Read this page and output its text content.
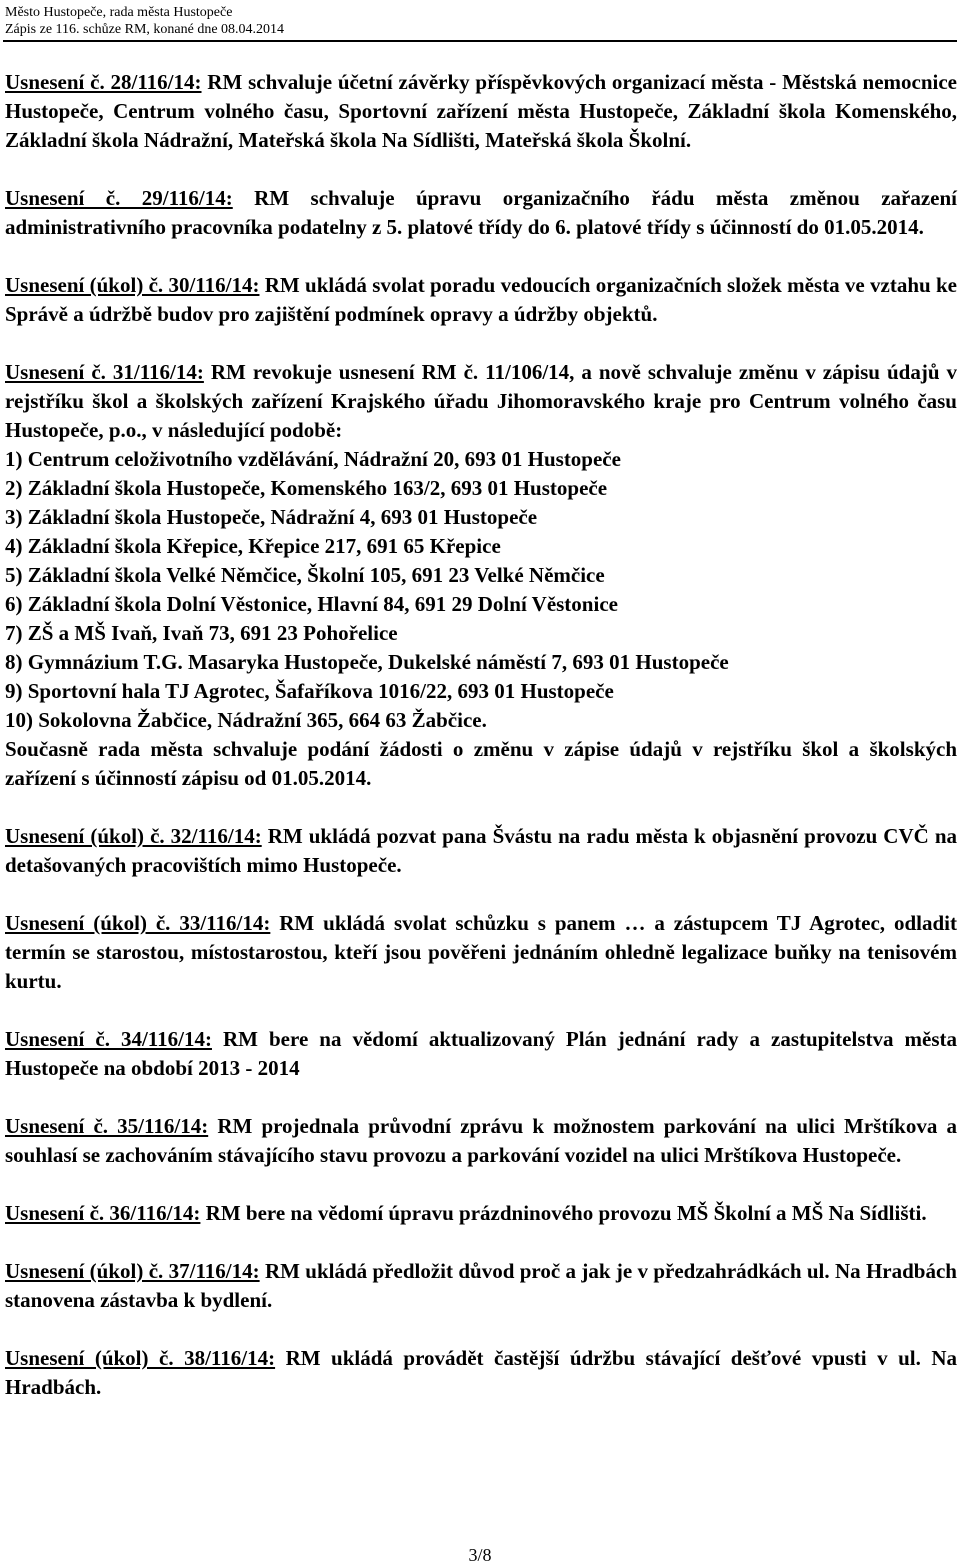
Město Hustopeče, rada města Hustopeče
Zápis ze 116. schůze RM, konané dne 08.04.2014

Usnesení č. 28/116/14: RM schvaluje účetní závěrky příspěvkových organizací města - Městská nemocnice Hustopeče, Centrum volného času, Sportovní zařízení města Hustopeče, Základní škola Komenského, Základní škola Nádražní, Mateřská škola Na Sídlišti, Mateřská škola Školní.

Usnesení č. 29/116/14: RM schvaluje úpravu organizačního řádu města změnou zařazení administrativního pracovníka podatelny z 5. platové třídy do 6. platové třídy s účinností do 01.05.2014.

Usnesení (úkol) č. 30/116/14: RM ukládá svolat poradu vedoucích organizačních složek města ve vztahu ke Správě a údržbě budov pro zajištění podmínek opravy a údržby objektů.

Usnesení č. 31/116/14: RM revokuje usnesení RM č. 11/106/14, a nově schvaluje změnu v zápisu údajů v rejstříku škol a školských zařízení Krajského úřadu Jihomoravského kraje pro Centrum volného času Hustopeče, p.o., v následující podobě:
1) Centrum celoživotního vzdělávání, Nádražní 20, 693 01 Hustopeče
2) Základní škola Hustopeče, Komenského 163/2, 693 01 Hustopeče
3) Základní škola Hustopeče, Nádražní 4, 693 01 Hustopeče
4) Základní škola Křepice, Křepice 217, 691 65 Křepice
5) Základní škola Velké Němčice, Školní 105, 691 23 Velké Němčice
6) Základní škola Dolní Věstonice, Hlavní 84, 691 29 Dolní Věstonice
7) ZŠ a MŠ Ivaň, Ivaň 73, 691 23 Pohořelice
8) Gymnázium T.G. Masaryka Hustopeče, Dukelské náměstí 7, 693 01 Hustopeče
9) Sportovní hala TJ Agrotec, Šafaříkova 1016/22, 693 01 Hustopeče
10) Sokolovna Žabčice, Nádražní 365, 664 63 Žabčice.
Současně rada města schvaluje podání žádosti o změnu v zápise údajů v rejstříku škol a školských zařízení s účinností zápisu od 01.05.2014.

Usnesení (úkol) č. 32/116/14: RM ukládá pozvat pana Švástu na radu města k objasnění provozu CVČ na detašovaných pracovištích mimo Hustopeče.

Usnesení (úkol) č. 33/116/14: RM ukládá svolat schůzku s panem … a zástupcem TJ Agrotec, odladit termín se starostou, místostarostou, kteří jsou pověřeni jednáním ohledně legalizace buňky na tenisovém kurtu.

Usnesení č. 34/116/14: RM bere na vědomí aktualizovaný Plán jednání rady a zastupitelstva města Hustopeče na období 2013 - 2014

Usnesení č. 35/116/14: RM projednala průvodní zprávu k možnostem parkování na ulici Mrštíkova a souhlasí se zachováním stávajícího stavu provozu a parkování vozidel na ulici Mrštíkova Hustopeče.

Usnesení č. 36/116/14: RM bere na vědomí úpravu prázdninového provozu MŠ Školní a MŠ Na Sídlišti.

Usnesení (úkol) č. 37/116/14: RM ukládá předložit důvod proč a jak je v předzahrádkách ul. Na Hradbách stanovena zástavba k bydlení.

Usnesení (úkol) č. 38/116/14: RM ukládá provádět častější údržbu stávající dešťové vpusti v ul. Na Hradbách.

3/8
